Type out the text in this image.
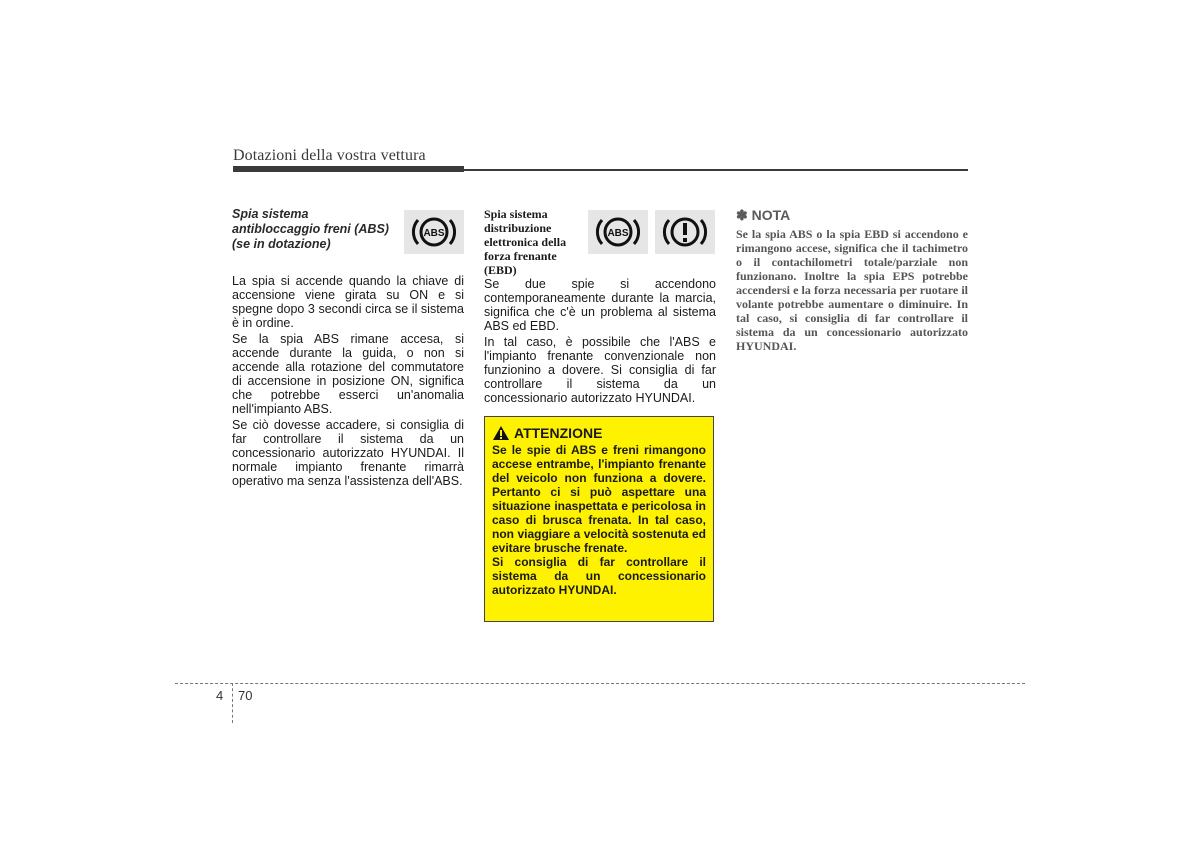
Dotazioni della vostra vettura
Spia sistema antibloccaggio freni (ABS) (se in dotazione)

La spia si accende quando la chiave di accensione viene girata su ON e si spegne dopo 3 secondi circa se il sistema è in ordine.

Se la spia ABS rimane accesa, si accende durante la guida, o non si accende alla rotazione del commutatore di accensione in posizione ON, significa che potrebbe esserci un'anomalia nell'impianto ABS.

Se ciò dovesse accadere, si consiglia di far controllare il sistema da un concessionario autorizzato HYUNDAI. Il normale impianto frenante rimarrà operativo ma senza l'assistenza dell'ABS.

ABS
Spia sistema distribuzione elettronica della forza frenante (EBD)

Se due spie si accendono contemporaneamente durante la marcia, significa che c'è un problema al sistema ABS ed EBD.

In tal caso, è possibile che l'ABS e l'impianto frenante convenzionale non funzionino a dovere. Si consiglia di far controllare il sistema da un concessionario autorizzato HYUNDAI.

ABS
ATTENZIONE

Se le spie di ABS e freni rimangono accese entrambe, l'impianto frenante del veicolo non funziona a dovere. Pertanto ci si può aspettare una situazione inaspettata e pericolosa in caso di brusca frenata. In tal caso, non viaggiare a velocità sostenuta ed evitare brusche frenate.

Si consiglia di far controllare il sistema da un concessionario autorizzato HYUNDAI.

✽ NOTA

Se la spia ABS o la spia EBD si accendono e rimangono accese, significa che il tachimetro o il contachilometri totale/parziale non funzionano. Inoltre la spia EPS potrebbe accendersi e la forza necessaria per ruotare il volante potrebbe aumentare o diminuire. In tal caso, si consiglia di far controllare il sistema da un concessionario autorizzato HYUNDAI.

4 70
